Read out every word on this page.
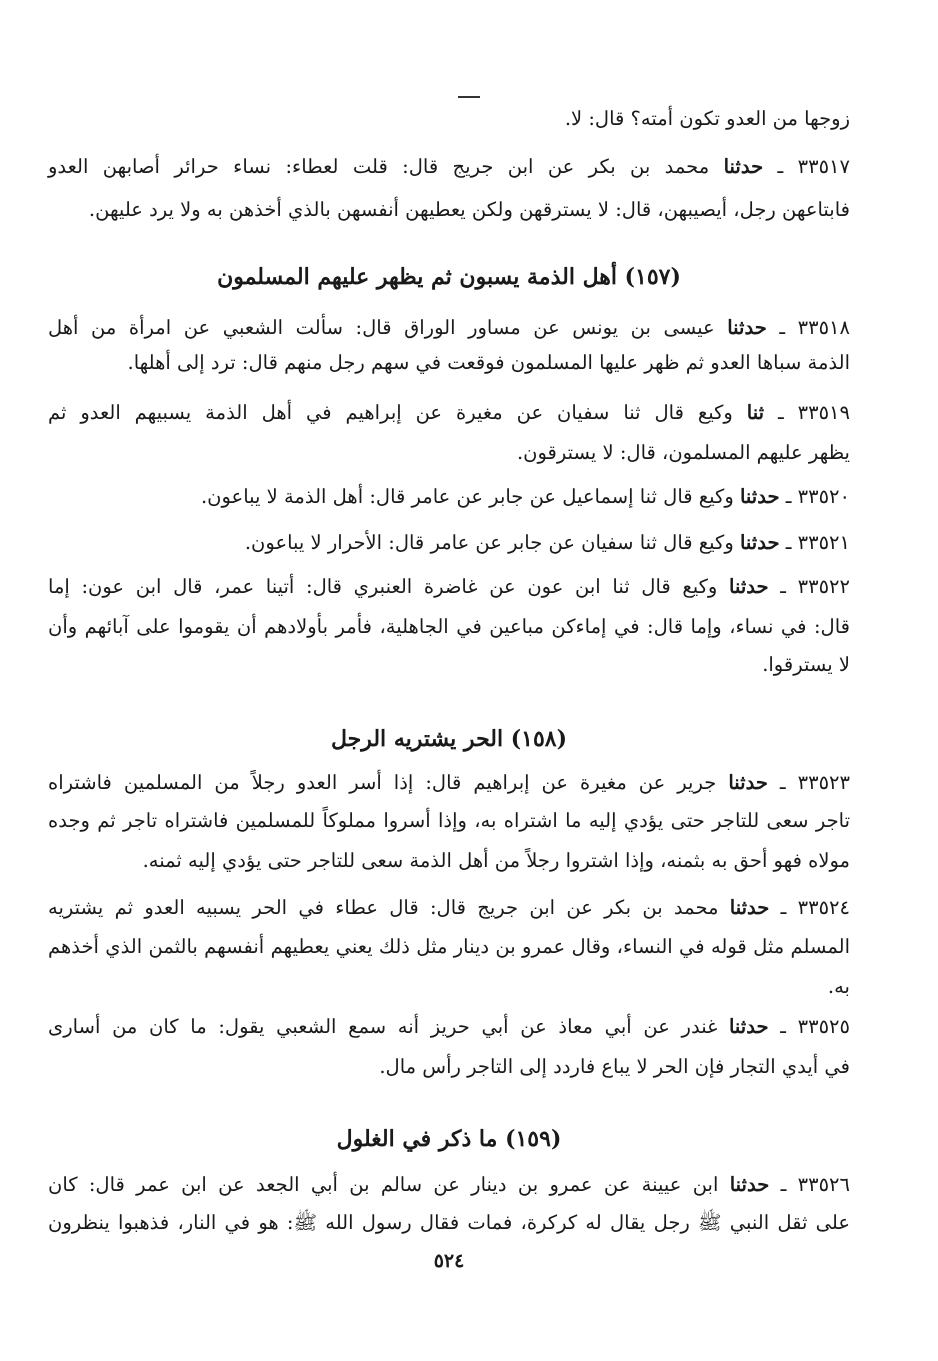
زوجها من العدو تكون أمته؟ قال: لا.
٣٣٥١٧ ـ حدثنا محمد بن بكر عن ابن جريج قال: قلت لعطاء: نساء حرائر أصابهن العدو
فابتاعهن رجل، أيصيبهن، قال: لا يسترقهن ولكن يعطيهن أنفسهن بالذي أخذهن به ولا يرد عليهن.
(١٥٧) أهل الذمة يسبون ثم يظهر عليهم المسلمون
٣٣٥١٨ ـ حدثنا عيسى بن يونس عن مساور الوراق قال: سألت الشعبي عن امرأة من أهل
الذمة سباها العدو ثم ظهر عليها المسلمون فوقعت في سهم رجل منهم قال: ترد إلى أهلها.
٣٣٥١٩ ـ ثنا وكيع قال ثنا سفيان عن مغيرة عن إبراهيم في أهل الذمة يسبيهم العدو ثم
يظهر عليهم المسلمون، قال: لا يسترقون.
٣٣٥٢٠ ـ حدثنا وكيع قال ثنا إسماعيل عن جابر عن عامر قال: أهل الذمة لا يباعون.
٣٣٥٢١ ـ حدثنا وكيع قال ثنا سفيان عن جابر عن عامر قال: الأحرار لا يباعون.
٣٣٥٢٢ ـ حدثنا وكيع قال ثنا ابن عون عن غاضرة العنبري قال: أتينا عمر، قال ابن عون: إما
قال: في نساء، وإما قال: في إماءكن مباعين في الجاهلية، فأمر بأولادهم أن يقوموا على آبائهم وأن
لا يسترقوا.
(١٥٨) الحر يشتريه الرجل
٣٣٥٢٣ ـ حدثنا جرير عن مغيرة عن إبراهيم قال: إذا أسر العدو رجلاً من المسلمين فاشتراه
تاجر سعى للتاجر حتى يؤدي إليه ما اشتراه به، وإذا أسروا مملوكاً للمسلمين فاشتراه تاجر ثم وجده
مولاه فهو أحق به بثمنه، وإذا اشتروا رجلاً من أهل الذمة سعى للتاجر حتى يؤدي إليه ثمنه.
٣٣٥٢٤ ـ حدثنا محمد بن بكر عن ابن جريج قال: قال عطاء في الحر يسبيه العدو ثم يشتريه
المسلم مثل قوله في النساء، وقال عمرو بن دينار مثل ذلك يعني يعطيهم أنفسهم بالثمن الذي أخذهم
به.
٣٣٥٢٥ ـ حدثنا غندر عن أبي معاذ عن أبي حريز أنه سمع الشعبي يقول: ما كان من أسارى
في أيدي التجار فإن الحر لا يباع فاردد إلى التاجر رأس مال.
(١٥٩) ما ذكر في الغلول
٣٣٥٢٦ ـ حدثنا ابن عيينة عن عمرو بن دينار عن سالم بن أبي الجعد عن ابن عمر قال: كان
على ثقل النبي ﷺ رجل يقال له كركرة، فمات فقال رسول الله ﷺ: هو في النار، فذهبوا ينظرون
٥٢٤
